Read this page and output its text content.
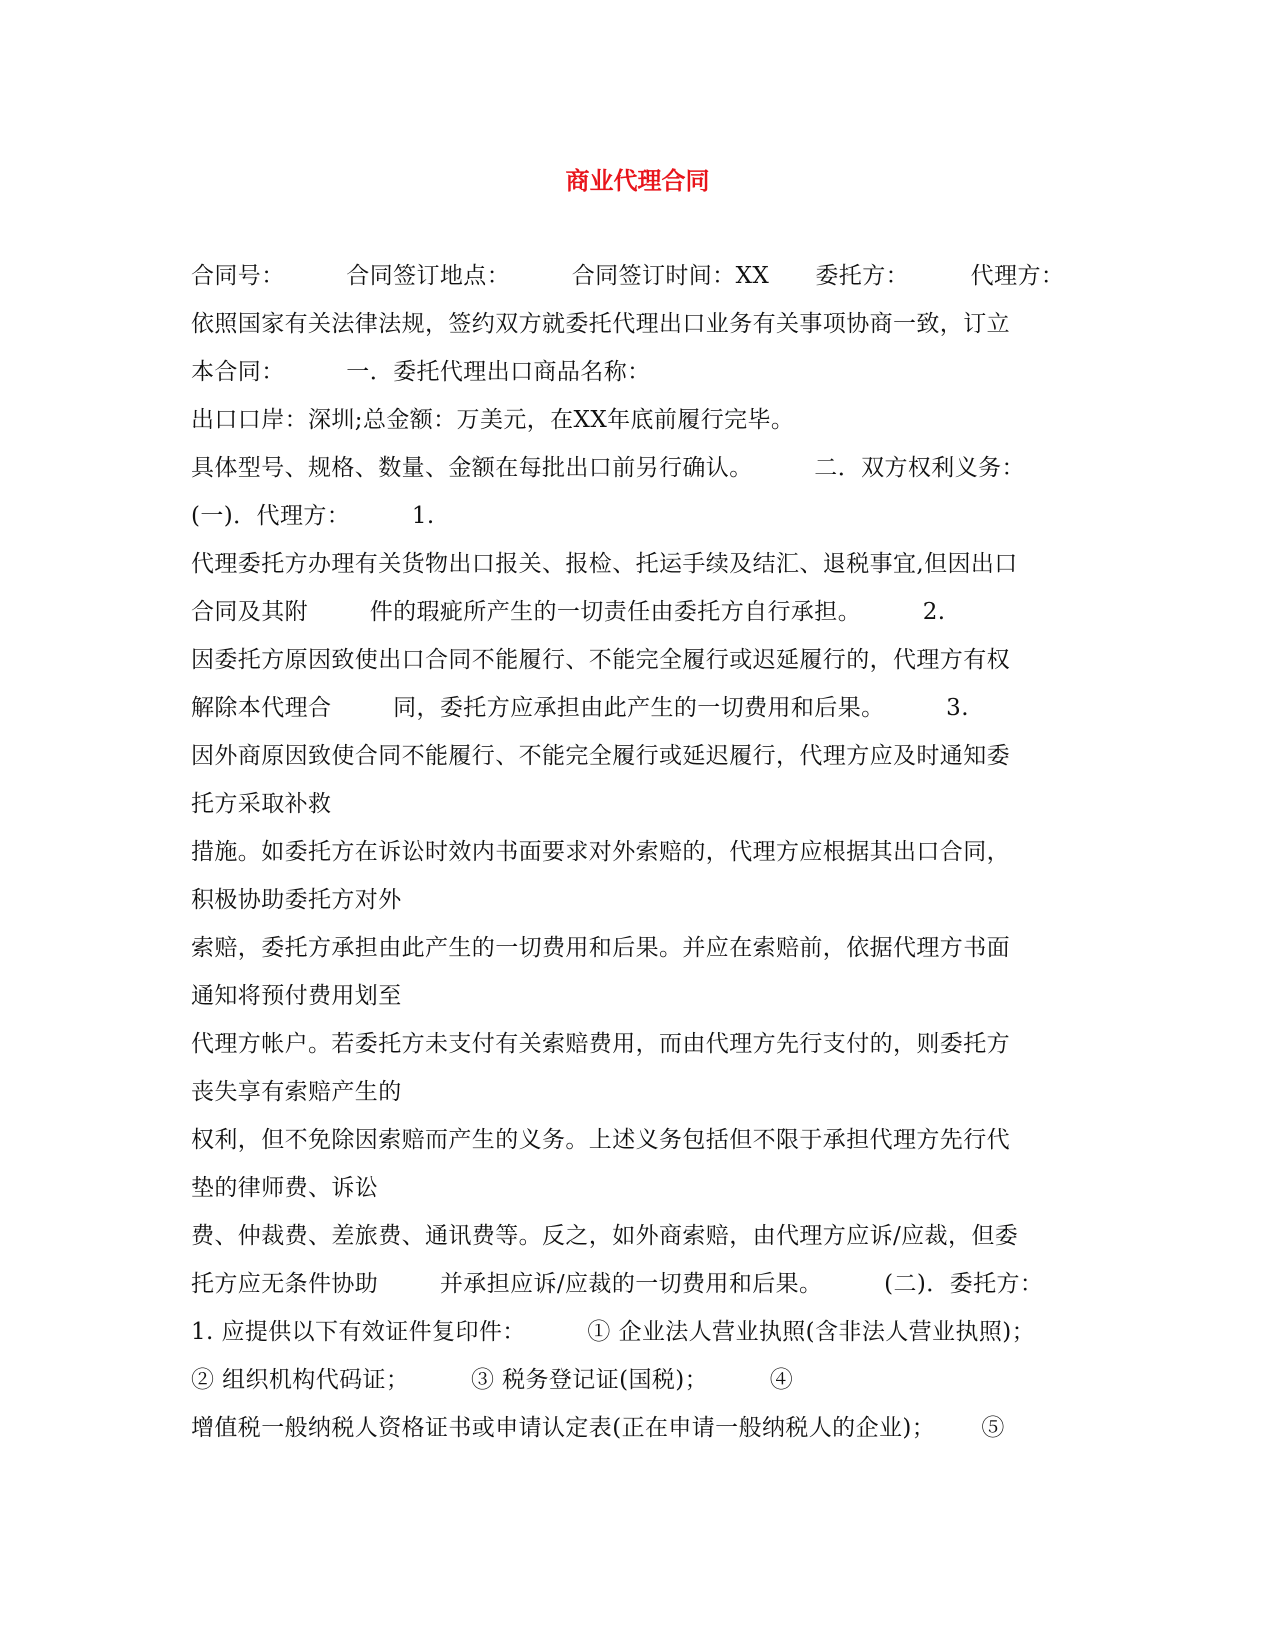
商业代理合同
合同号：        合同签订地点：        合同签订时间：XX      委托方：        代理方：
依照国家有关法律法规，签约双方就委托代理出口业务有关事项协商一致，订立
本合同：        一．委托代理出口商品名称：
出口口岸：深圳;总金额：万美元，在XX年底前履行完毕。
具体型号、规格、数量、金额在每批出口前另行确认。        二．双方权利义务：
(一)．代理方：        1.
代理委托方办理有关货物出口报关、报检、托运手续及结汇、退税事宜,但因出口
合同及其附        件的瑕疵所产生的一切责任由委托方自行承担。        2.
因委托方原因致使出口合同不能履行、不能完全履行或迟延履行的，代理方有权
解除本代理合        同，委托方应承担由此产生的一切费用和后果。        3.
因外商原因致使合同不能履行、不能完全履行或延迟履行，代理方应及时通知委
托方采取补救
措施。如委托方在诉讼时效内书面要求对外索赔的，代理方应根据其出口合同，
积极协助委托方对外
索赔，委托方承担由此产生的一切费用和后果。并应在索赔前，依据代理方书面
通知将预付费用划至
代理方帐户。若委托方未支付有关索赔费用，而由代理方先行支付的，则委托方
丧失享有索赔产生的
权利，但不免除因索赔而产生的义务。上述义务包括但不限于承担代理方先行代
垫的律师费、诉讼
费、仲裁费、差旅费、通讯费等。反之，如外商索赔，由代理方应诉/应裁，但委
托方应无条件协助        并承担应诉/应裁的一切费用和后果。        (二)．委托方：
1. 应提供以下有效证件复印件：        ① 企业法人营业执照(含非法人营业执照)；
② 组织机构代码证；        ③ 税务登记证(国税)；        ④
增值税一般纳税人资格证书或申请认定表(正在申请一般纳税人的企业)；      ⑤
